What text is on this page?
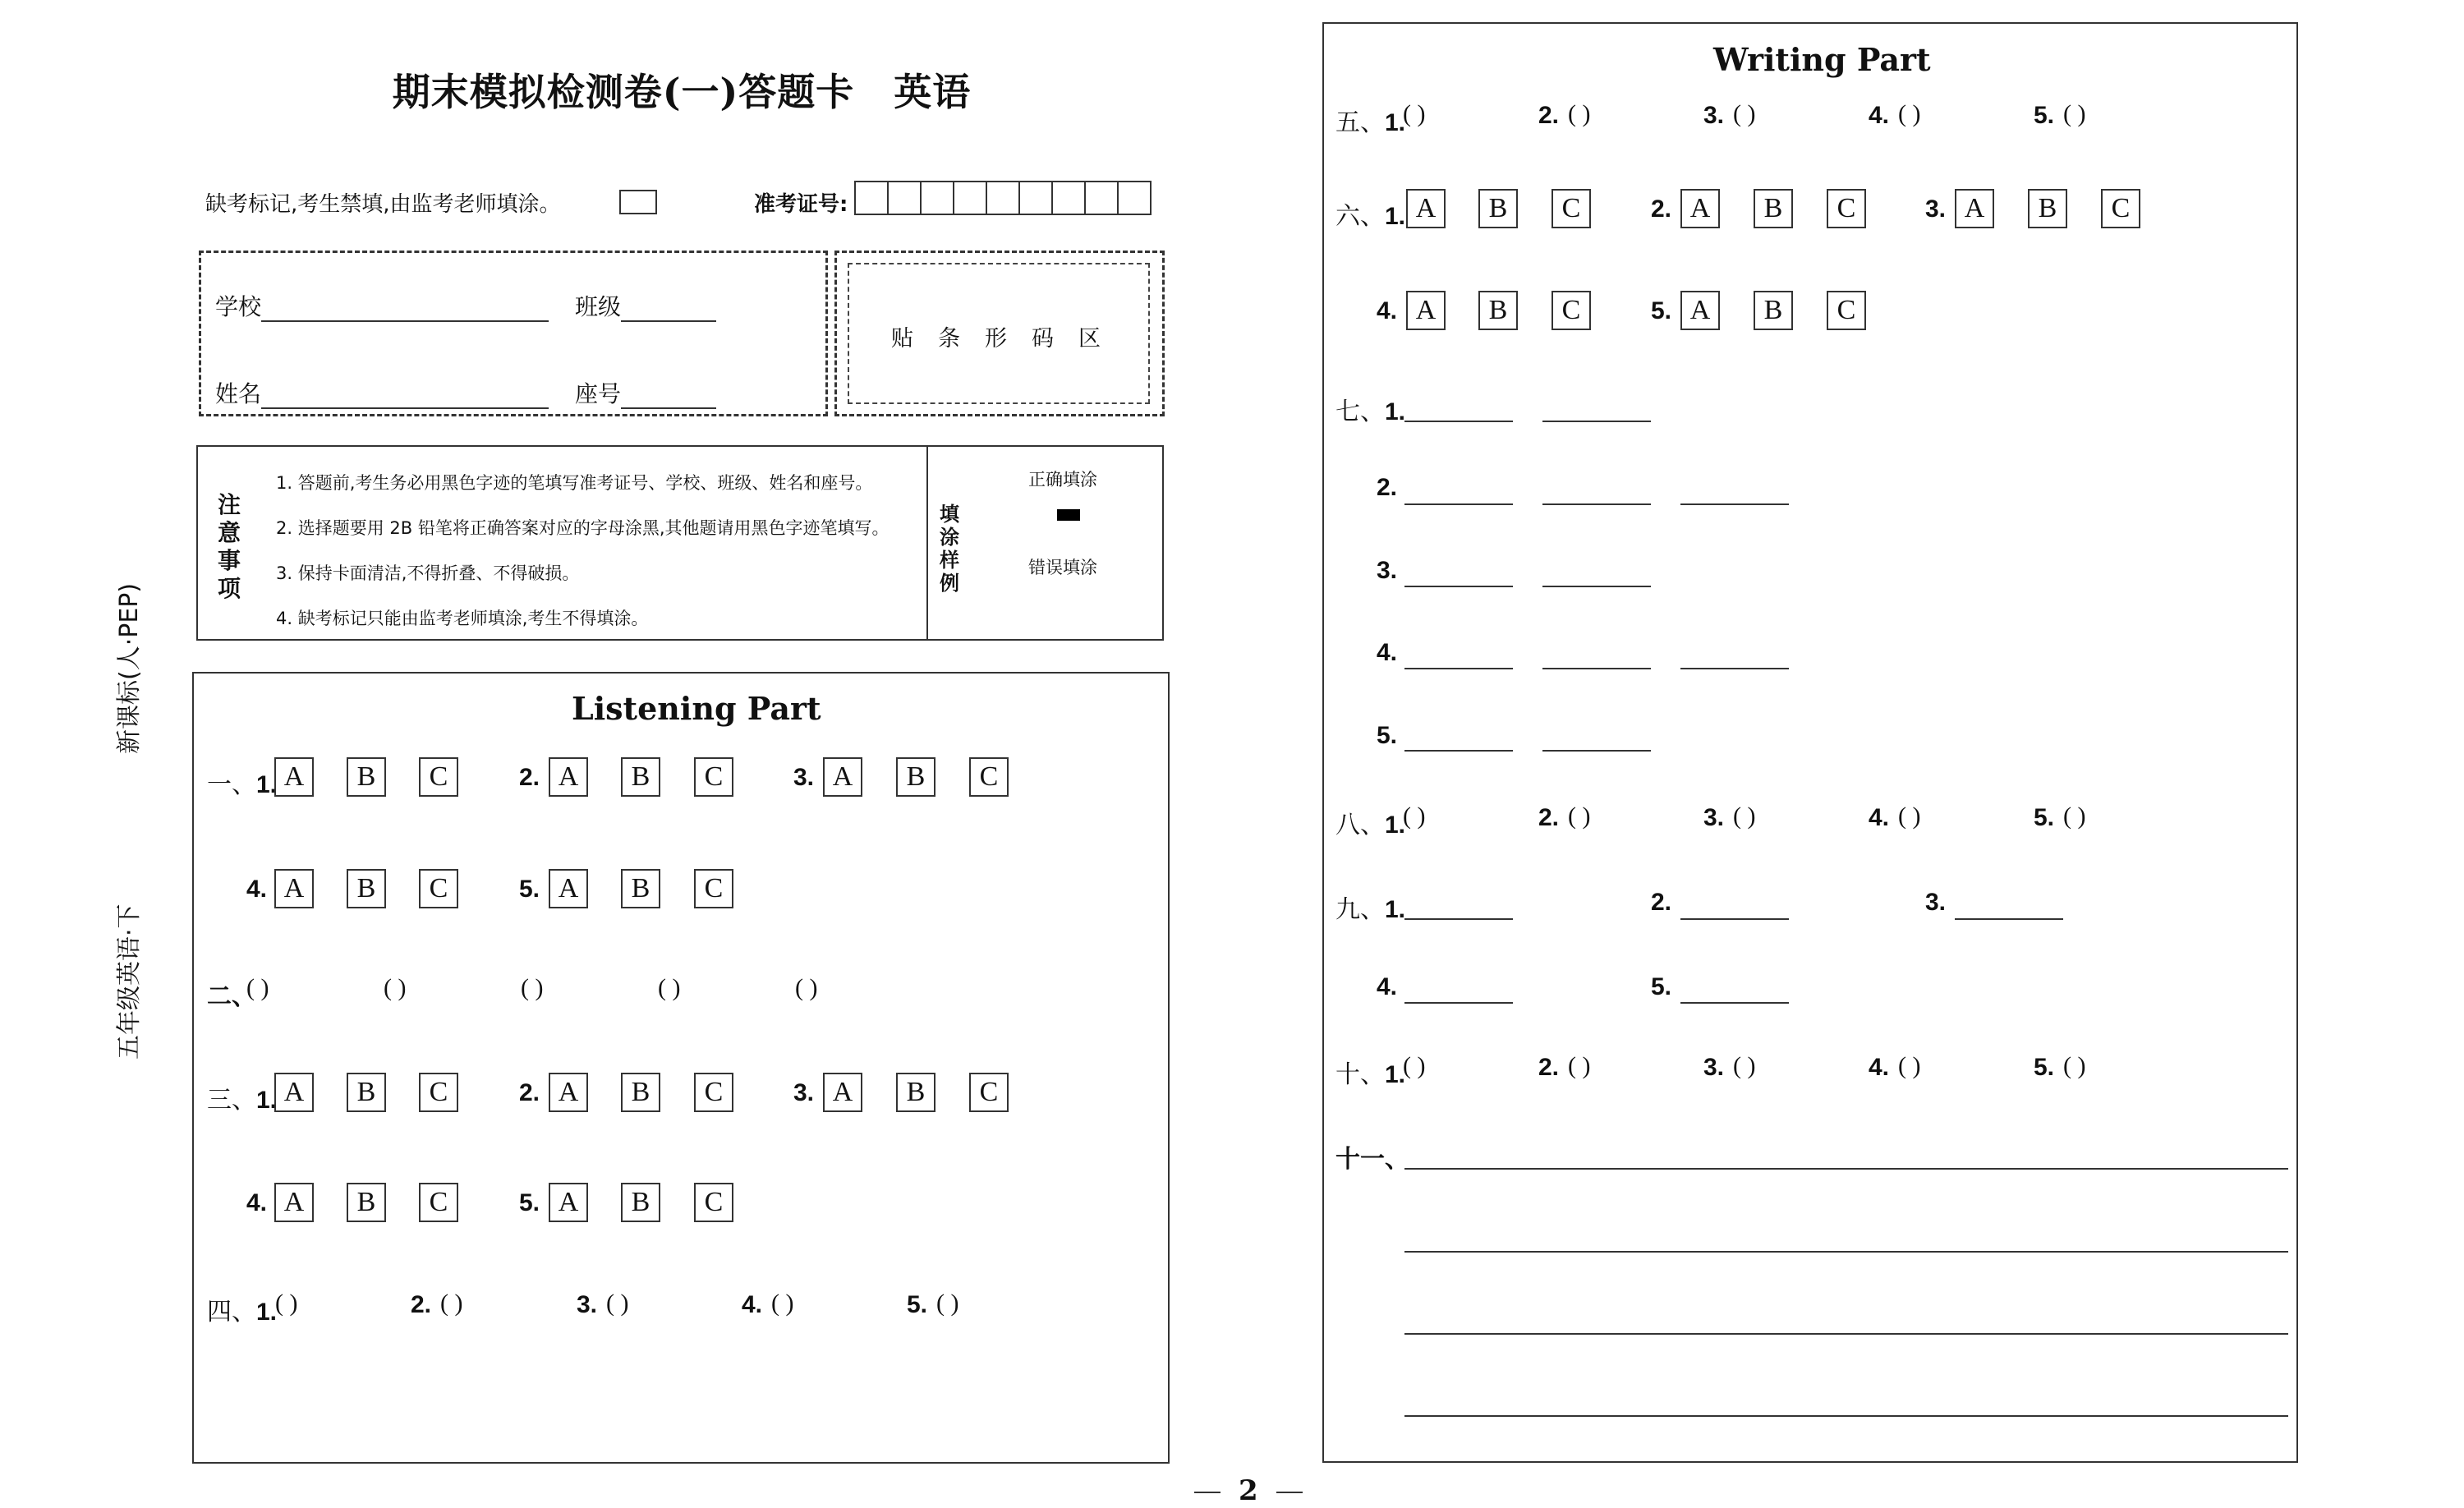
新课标(人·PEP)
五年级英语·下
期末模拟检测卷(一)答题卡 英语
缺考标记,考生禁填,由监考老师填涂。	准考证号:
学校	班级
姓名	座号
贴条形码区
注意事项
1. 答题前,考生务必用黑色字迹的笔填写准考证号、学校、班级、姓名和座号。
2. 选择题要用 2B 铅笔将正确答案对应的字母涂黑,其他题请用黑色字迹笔填写。
3. 保持卡面清洁,不得折叠、不得破损。
4. 缺考标记只能由监考老师填涂,考生不得填涂。
填涂样例
正确填涂
错误填涂
Listening Part
一、1. A	B	C	2. A	B	C	3. A	B	C
4. A	B	C	5. A	B	C
二、
( )	( )	( )	( )	( )
三、1. A	B	C	2. A	B	C	3. A	B	C
4. A	B	C	5. A	B	C
四、1.
( )	2. ( )	3. ( )	4. ( )	5. ( )
Writing Part
五、1.
( )	2. ( )	3. ( )	4. ( )	5. ( )
六、1. A	B	C	2. A	B	C	3. A	B	C
4. A	B	C	5. A	B	C
七、1.
2.
3.
4.
5.
八、1.
( )	2. ( )	3. ( )	4. ( )	5. ( )
九、1.	2.	3.
4.	5.
十、1.
( )	2. ( )	3. ( )	4. ( )	5. ( )
十一、
2
